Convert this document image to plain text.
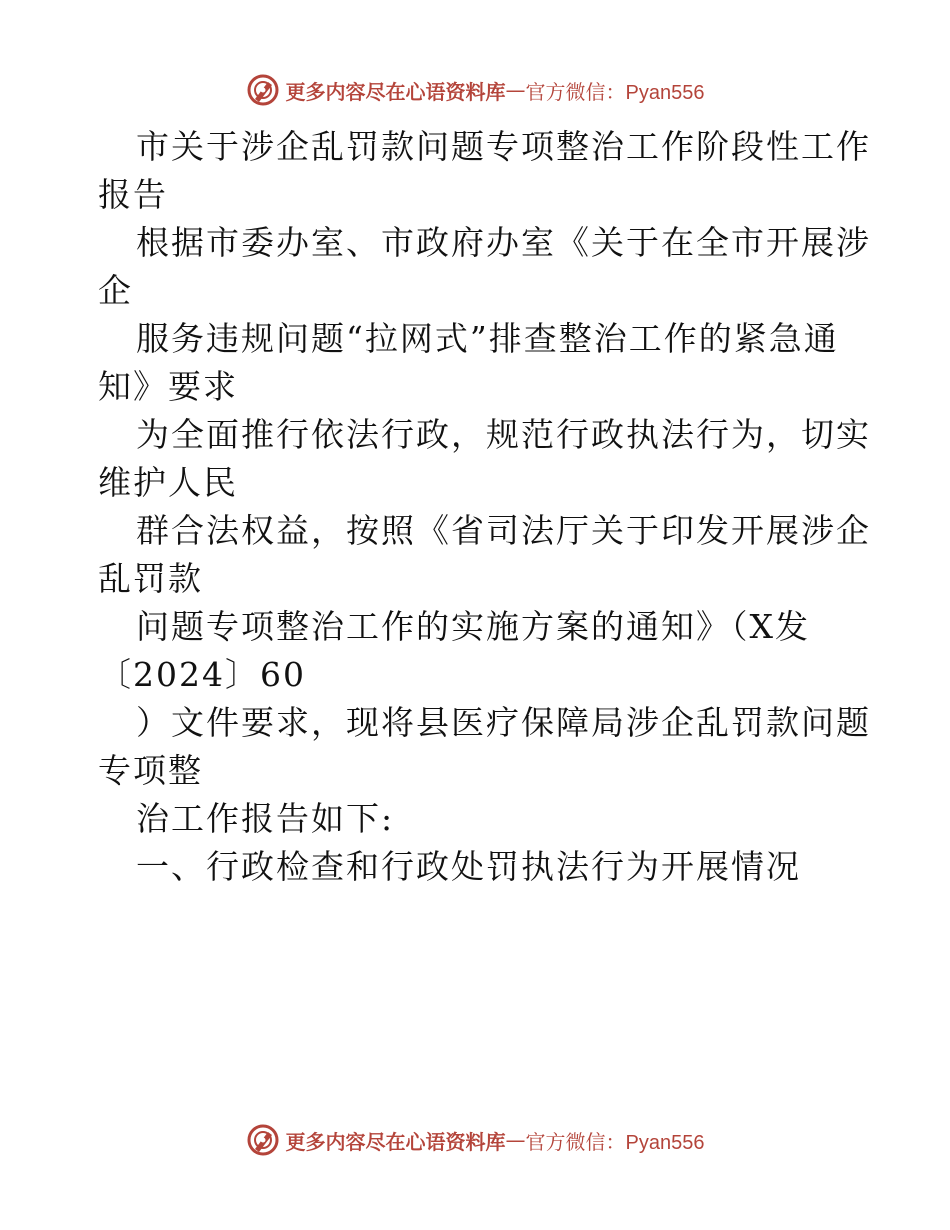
更多内容尽在心语资料库 — 官方微信：Pyan556
市关于涉企乱罚款问题专项整治工作阶段性工作
报告
根据市委办室、市政府办室《关于在全市开展涉
企
服务违规问题“拉网式”排查整治工作的紧急通
知》要求
为全面推行依法行政，规范行政执法行为，切实
维护人民
群合法权益，按照《省司法厅关于印发开展涉企
乱罚款
问题专项整治工作的实施方案的通知》（X发
〔2024〕60
）文件要求，现将县医疗保障局涉企乱罚款问题
专项整
治工作报告如下:
一、行政检查和行政处罚执法行为开展情况
更多内容尽在心语资料库 — 官方微信：Pyan556
